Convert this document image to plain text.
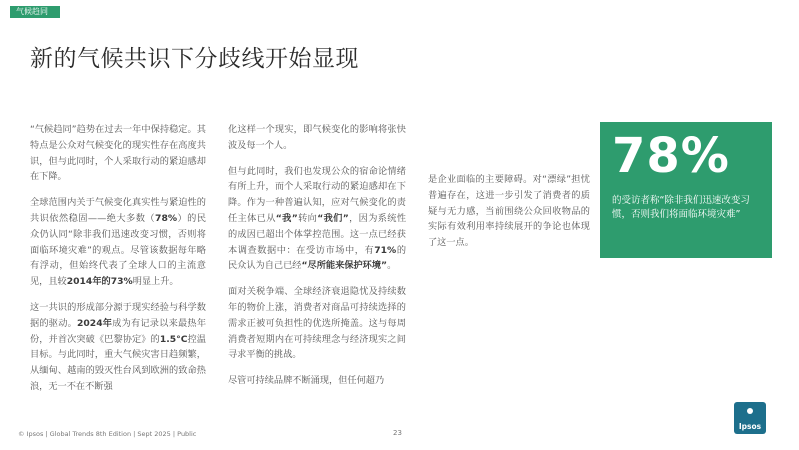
气候趋同
新的气候共识下分歧线开始显现

“气候趋同”趋势在过去一年中保持稳定。其特点是公众对气候变化的现实性存在高度共识，但与此同时，个人采取行动的紧迫感却在下降。

全球范围内关于气候变化真实性与紧迫性的共识依然稳固——绝大多数（78%）的民众仍认同“除非我们迅速改变习惯，否则将面临环境灾难”的观点。尽管该数据每年略有浮动，但始终代表了全球人口的主流意见，且较2014年的73%明显上升。

这一共识的形成部分源于现实经验与科学数据的驱动。2024年成为有记录以来最热年份，并首次突破《巴黎协定》的1.5°C控温目标。与此同时，重大气候灾害日趋频繁，从缅甸、越南的毁灭性台风到欧洲的致命热浪，无一不在不断强

化这样一个现实，即气候变化的影响将张快波及每一个人。

但与此同时，我们也发现公众的宿命论情绪有所上升，而个人采取行动的紧迫感却在下降。作为一种普遍认知，应对气候变化的责任主体已从“我”转向“我们”，因为系统性的成因已超出个体掌控范围。这一点已经获本调查数据中：在受访市场中，有71%的民众认为自己已经“尽所能来保护环境”。

面对关税争端、全球经济衰退隐忧及持续数年的物价上涨，消费者对商品可持续选择的需求正被可负担性的优选所掩盖。这与每周消费者短期内在可持续理念与经济现实之间寻求平衡的挑战。

尽管可持续品牌不断涌现，但任何超乃

是企业面临的主要障碍。对“漂绿”担忧普遍存在，这进一步引发了消费者的质疑与无力感，当前围绕公众回收物品的实际有效利用率持续展开的争论也体现了这一点。

78%
的受访者称“除非我们迅速改变习惯，否则我们将面临环境灾难”
© Ipsos | Global Trends 8th Edition | Sept 2025 | Public	23
Ipsos
